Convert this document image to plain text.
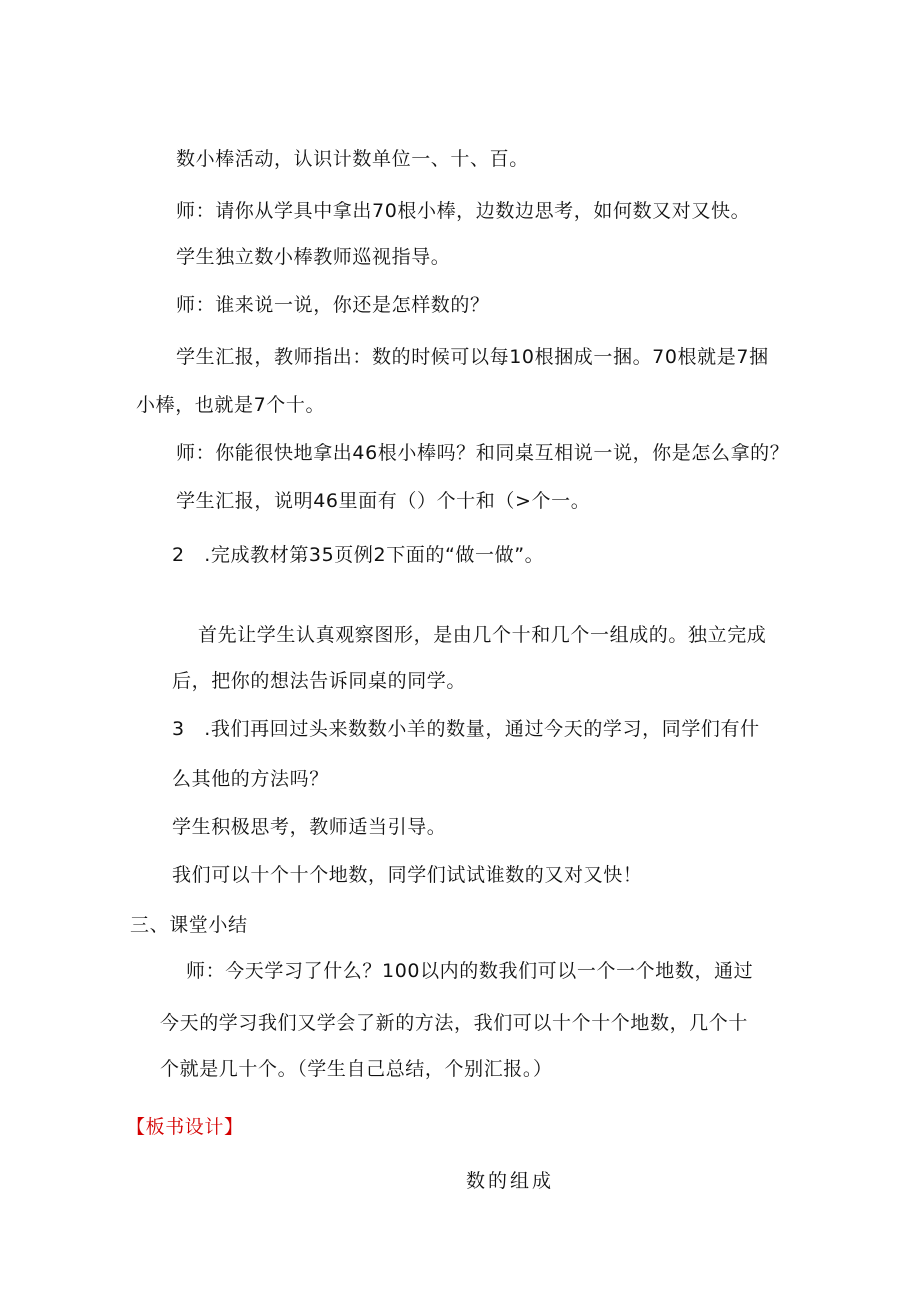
数小棒活动，认识计数单位一、十、百。
师：请你从学具中拿出70根小棒，边数边思考，如何数又对又快。
学生独立数小棒教师巡视指导。
师：谁来说一说，你还是怎样数的？
学生汇报，教师指出：数的时候可以每10根捆成一捆。70根就是7捆
小棒，也就是7个十。
师：你能很快地拿出46根小棒吗？和同桌互相说一说，你是怎么拿的？
学生汇报，说明46里面有（）个十和（>个一。
2　.完成教材第35页例2下面的“做一做”。
首先让学生认真观察图形，是由几个十和几个一组成的。独立完成
后，把你的想法告诉同桌的同学。
3　.我们再回过头来数数小羊的数量，通过今天的学习，同学们有什
么其他的方法吗？
学生积极思考，教师适当引导。
我们可以十个十个地数，同学们试试谁数的又对又快！
三、课堂小结
师：今天学习了什么？100以内的数我们可以一个一个地数，通过
今天的学习我们又学会了新的方法，我们可以十个十个地数，几个十
个就是几十个。（学生自己总结，个别汇报。）
【板书设计】
数的组成
